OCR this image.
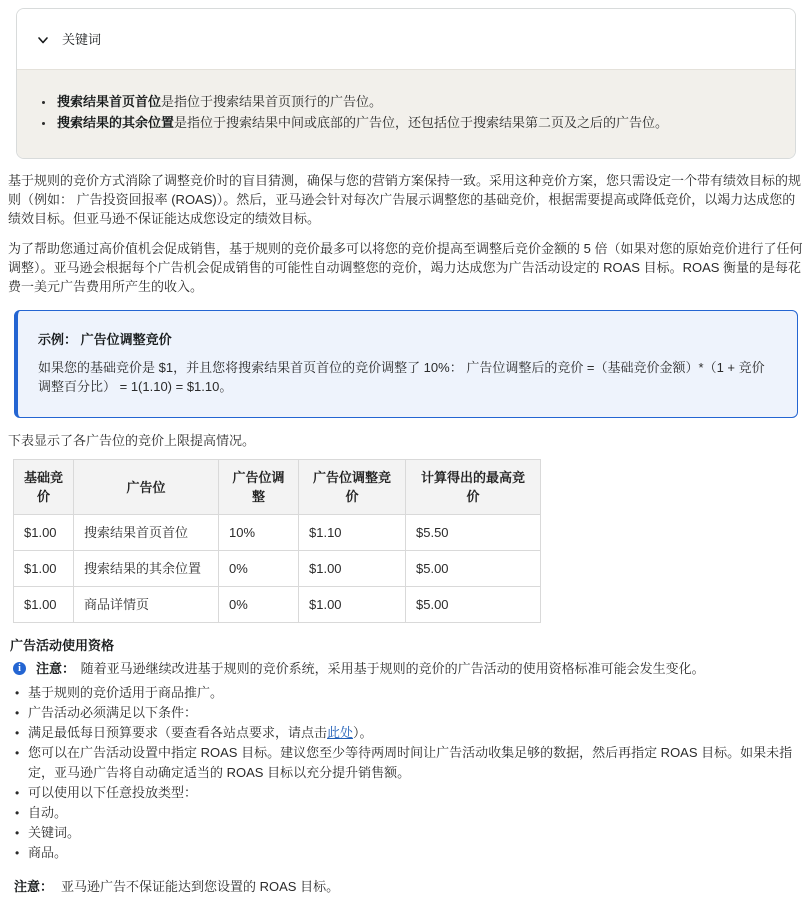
关键词
• 搜索结果首页首位是指位于搜索结果首页顶行的广告位。
• 搜索结果的其余位置是指位于搜索结果中间或底部的广告位，还包括位于搜索结果第二页及之后的广告位。

基于规则的竞价方式消除了调整竞价时的盲目猜测，确保与您的营销方案保持一致。采用这种竞价方案，您只需设定一个带有绩效目标的规则（例如： 广告投资回报率 (ROAS)）。然后，亚马逊会针对每次广告展示调整您的基础竞价，根据需要提高或降低竞价，以竭力达成您的绩效目标。但亚马逊不保证能达成您设定的绩效目标。

为了帮助您通过高价值机会促成销售，基于规则的竞价最多可以将您的竞价提高至调整后竞价金额的 5 倍（如果对您的原始竞价进行了任何调整）。亚马逊会根据每个广告机会促成销售的可能性自动调整您的竞价，竭力达成您为广告活动设定的 ROAS 目标。ROAS 衡量的是每花费一美元广告费用所产生的收入。

示例： 广告位调整竞价

如果您的基础竞价是 $1，并且您将搜索结果首页首位的竞价调整了 10%： 广告位调整后的竞价 =（基础竞价金额）*（1 + 竞价调整百分比） = 1(1.10) = $1.10。

下表显示了各广告位的竞价上限提高情况。

基础竞价	广告位	广告位调整	广告位调整竞价	计算得出的最高竞价
$1.00	搜索结果首页首位	10%	$1.10	$5.50
$1.00	搜索结果的其余位置	0%	$1.00	$5.00
$1.00	商品详情页	0%	$1.00	$5.00

广告活动使用资格

i	注意： 随着亚马逊继续改进基于规则的竞价系统，采用基于规则的竞价的广告活动的使用资格标准可能会发生变化。
• 基于规则的竞价适用于商品推广。
• 广告活动必须满足以下条件：
• 满足最低每日预算要求（要查看各站点要求，请点击此处）。
• 您可以在广告活动设置中指定 ROAS 目标。建议您至少等待两周时间让广告活动收集足够的数据，然后再指定 ROAS 目标。如果未指定，亚马逊广告将自动确定适当的 ROAS 目标以充分提升销售额。
• 可以使用以下任意投放类型：
• 自动。
• 关键词。
• 商品。

注意： 亚马逊广告不保证能达到您设置的 ROAS 目标。
